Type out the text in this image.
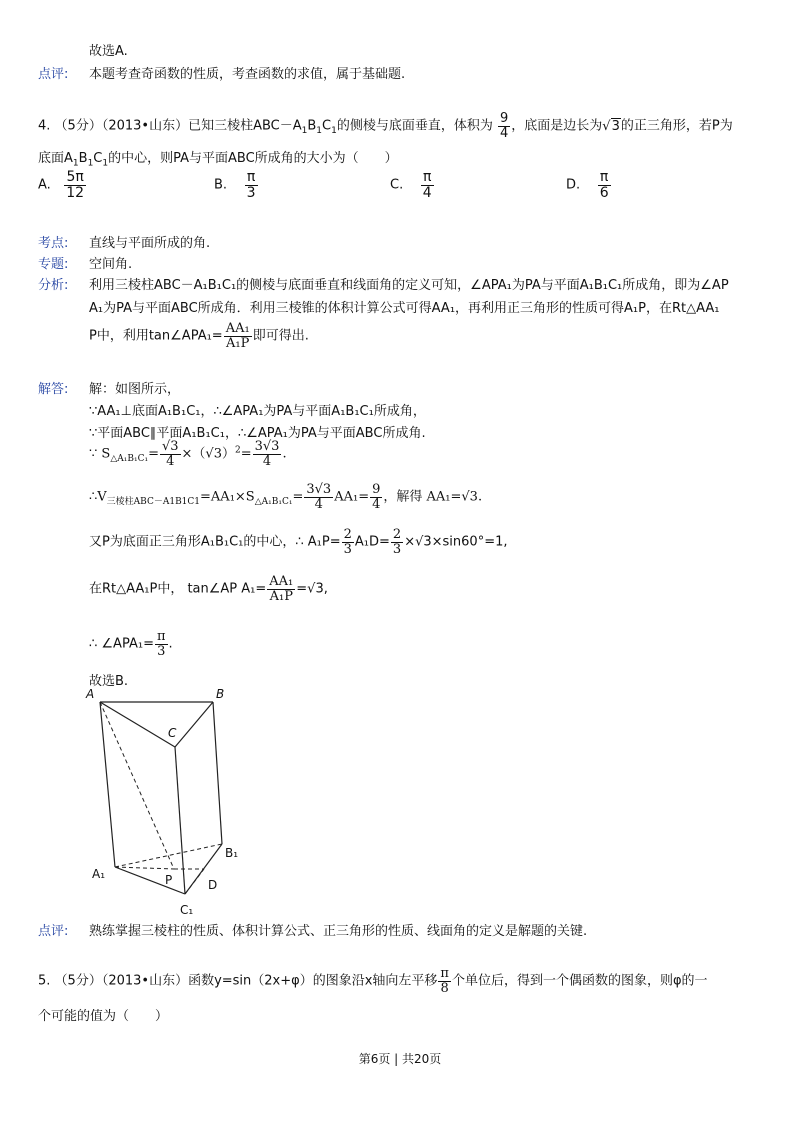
故选A.
点评: 本题考查奇函数的性质，考查函数的求值，属于基础题.
4. （5分）（2013•山东）已知三棱柱$ABC-A_1B_1C_1$的侧棱与底面垂直，体积为 $\frac{9}{4}$ ，底面是边长为√3的正三角形，若P为
底面$A_1B_1C_1$的中心，则PA与平面ABC所成角的大小为（　　）
A. $\frac{5\pi}{12}$	B. $\frac{\pi}{3}$	C. $\frac{\pi}{4}$	D. $\frac{\pi}{6}$
考点: 直线与平面所成的角.
专题: 空间角.
分析: 利用三棱柱ABC－A₁B₁C₁的侧棱与底面垂直和线面角的定义可知，∠APA₁为PA与平面A₁B₁C₁所成角，即为∠AP
A₁为PA与平面ABC所成角．利用三棱锥的体积计算公式可得AA₁，再利用正三角形的性质可得A₁P，在Rt△AA₁
P中，利用tan∠APA₁= $\frac{\text{AA₁}}{\text{A₁P}}$ 即可得出.
解答: 解：如图所示，
∵AA₁⊥底面A₁B₁C₁，∴∠APA₁为PA与平面A₁B₁C₁所成角，
∵平面ABC∥平面A₁B₁C₁，∴∠APA₁为PA与平面ABC所成角.
∵ $S_{\triangle A_1B_1C_1}= \frac{√3}{4} \times(√3)^2= \frac{3√3}{4}$ .
$\therefore V_{三棱柱ABC-A1B1C1}=AA_1\times S_{\triangle A_1B_1C_1}= \frac{3√3}{4} AA_1= \frac{9}{4}$ ，解得 AA₁=√3.
又P为底面正三角形A₁B₁C₁的中心，∴ $A_1P= \frac{2}{3} A_1D= \frac{2}{3} \times√3\times\sin 60^\circ=1$,
在Rt△AA₁P中， tan∠AP $A_1= \frac{\text{AA₁}}{\text{A₁P}} =√3$,
∴ ∠APA₁= $\frac{\pi}{3}$ .
故选B.
A	B
C
A₁
B₁
C₁
P	D
点评: 熟练掌握三棱柱的性质、体积计算公式、正三角形的性质、线面角的定义是解题的关键.
5. （5分）（2013•山东）函数y=sin（2x+φ）的图象沿x轴向左平移 $\frac{\pi}{8}$ 个单位后，得到一个偶函数的图象，则φ的一
个可能的值为（　　）
第6页 | 共20页
